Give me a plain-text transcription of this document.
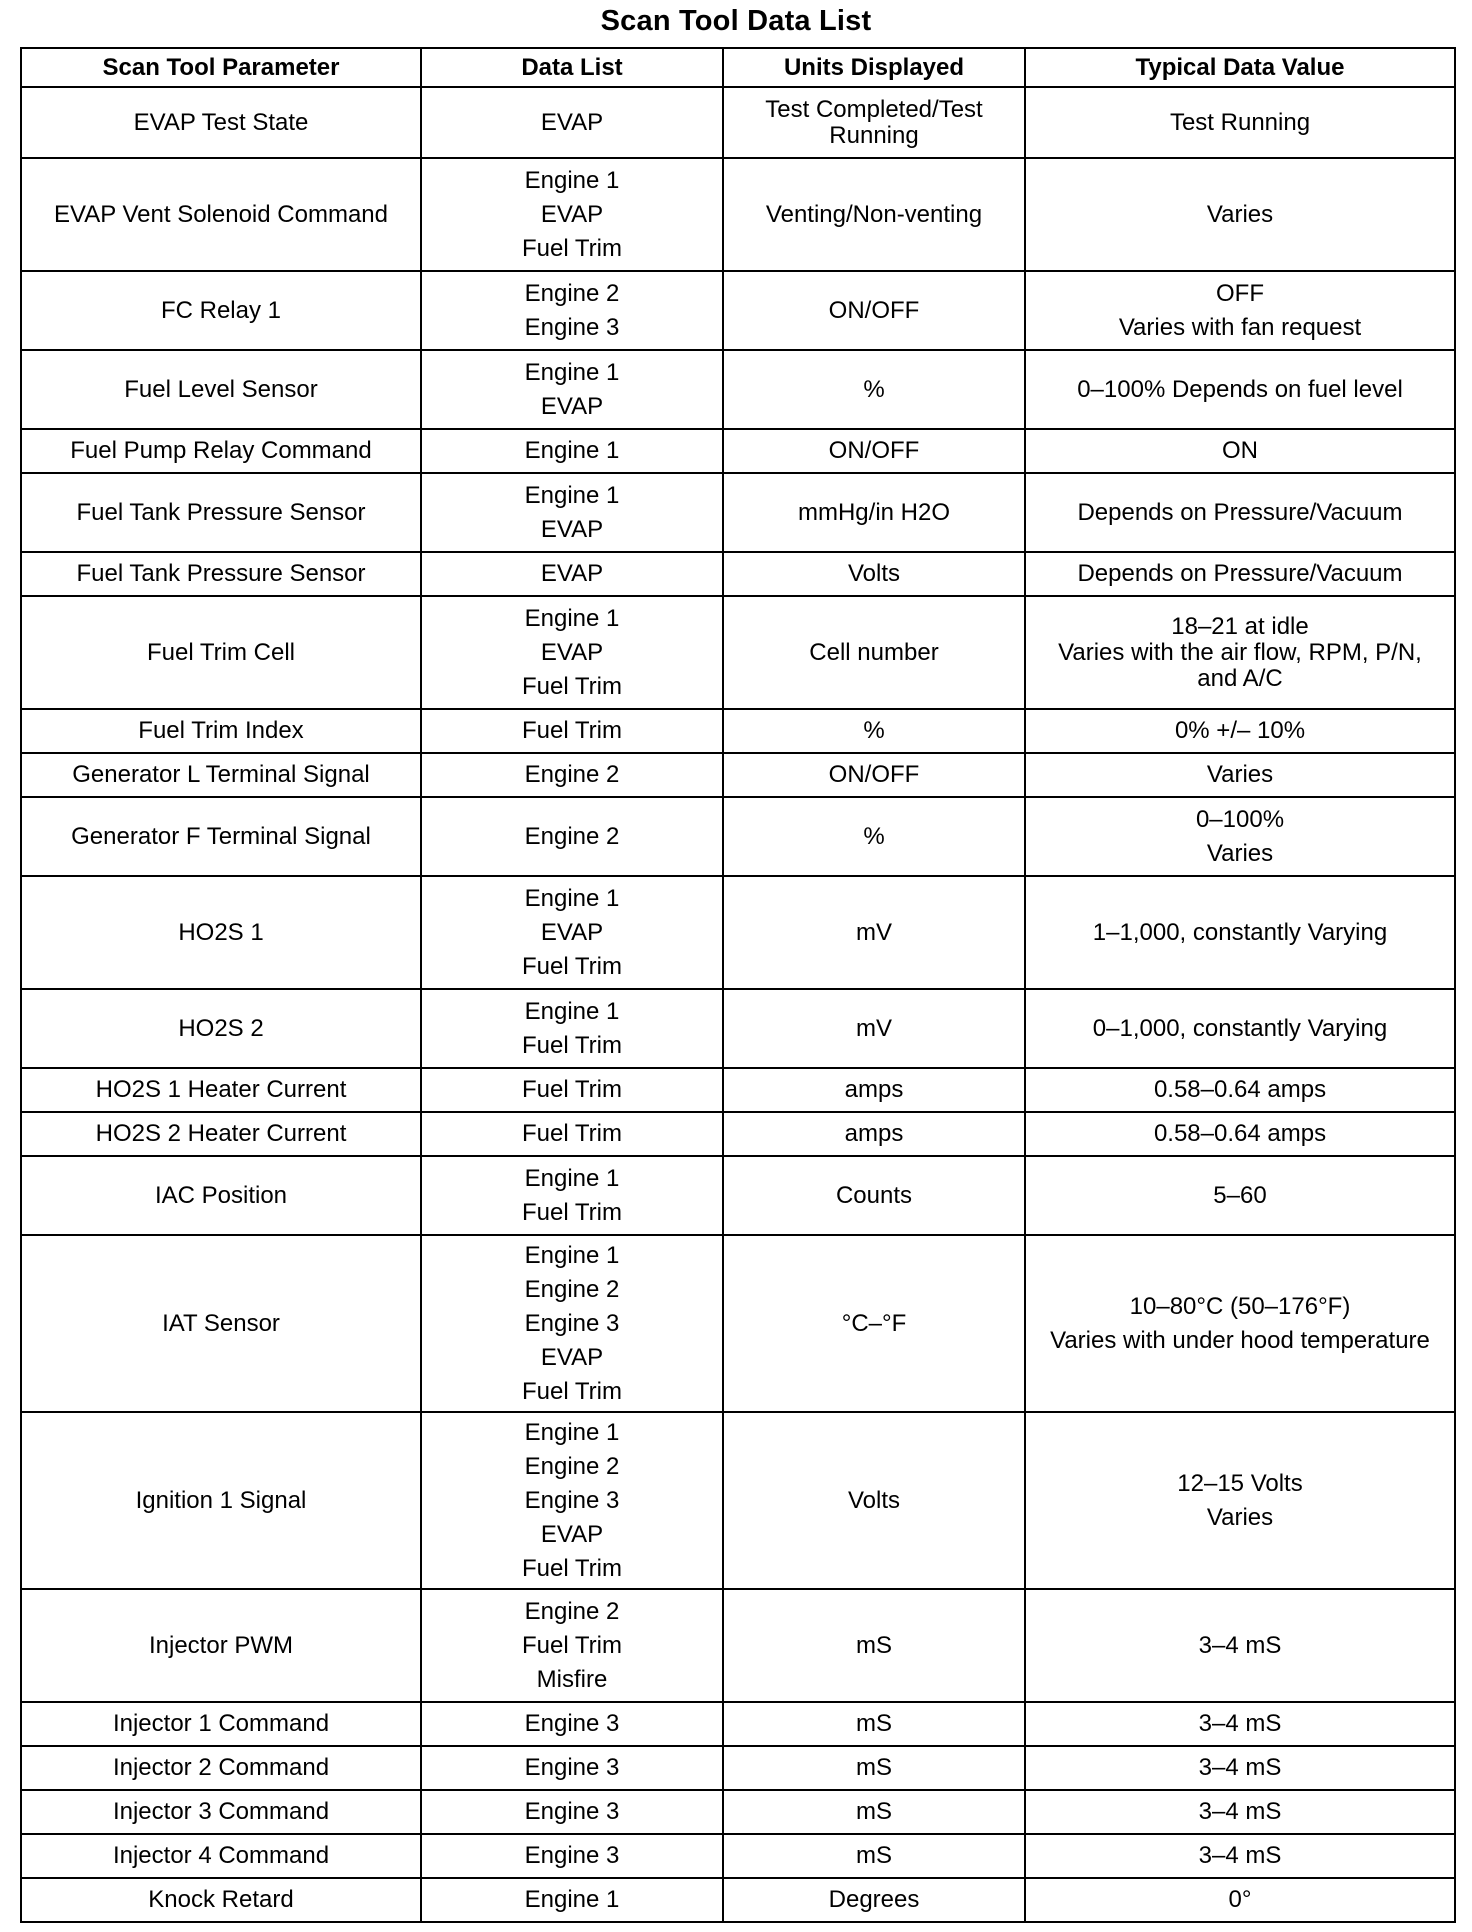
Scan Tool Data List
Scan Tool Parameter	Data List	Units Displayed	Typical Data Value
EVAP Test State	EVAP	Test Completed/Test
Running	Test Running

EVAP Vent Solenoid Command	Engine 1
EVAP
Fuel Trim	Venting/Non-venting	Varies

FC Relay 1	Engine 2
Engine 3	ON/OFF	OFF
Varies with fan request

Fuel Level Sensor	Engine 1
EVAP	%	0–100% Depends on fuel level

Fuel Pump Relay Command	Engine 1	ON/OFF	ON

Fuel Tank Pressure Sensor	Engine 1
EVAP	mmHg/in H2O	Depends on Pressure/Vacuum

Fuel Tank Pressure Sensor	EVAP	Volts	Depends on Pressure/Vacuum

Fuel Trim Cell	Engine 1
EVAP
Fuel Trim	Cell number	18–21 at idle
Varies with the air flow, RPM, P/N,
and A/C

Fuel Trim Index	Fuel Trim	%	0% +/– 10%

Generator L Terminal Signal	Engine 2	ON/OFF	Varies

Generator F Terminal Signal	Engine 2	%	0–100%
Varies

HO2S 1	Engine 1
EVAP
Fuel Trim	mV	1–1,000, constantly Varying

HO2S 2	Engine 1
Fuel Trim	mV	0–1,000, constantly Varying

HO2S 1 Heater Current	Fuel Trim	amps	0.58–0.64 amps

HO2S 2 Heater Current	Fuel Trim	amps	0.58–0.64 amps

IAC Position	Engine 1
Fuel Trim	Counts	5–60

IAT Sensor	Engine 1
Engine 2
Engine 3
EVAP
Fuel Trim	°C–°F	10–80°C (50–176°F)
Varies with under hood temperature

Ignition 1 Signal	Engine 1
Engine 2
Engine 3
EVAP
Fuel Trim	Volts	12–15 Volts
Varies

Injector PWM	Engine 2
Fuel Trim
Misfire	mS	3–4 mS

Injector 1 Command	Engine 3	mS	3–4 mS

Injector 2 Command	Engine 3	mS	3–4 mS

Injector 3 Command	Engine 3	mS	3–4 mS

Injector 4 Command	Engine 3	mS	3–4 mS

Knock Retard	Engine 1	Degrees	0°
